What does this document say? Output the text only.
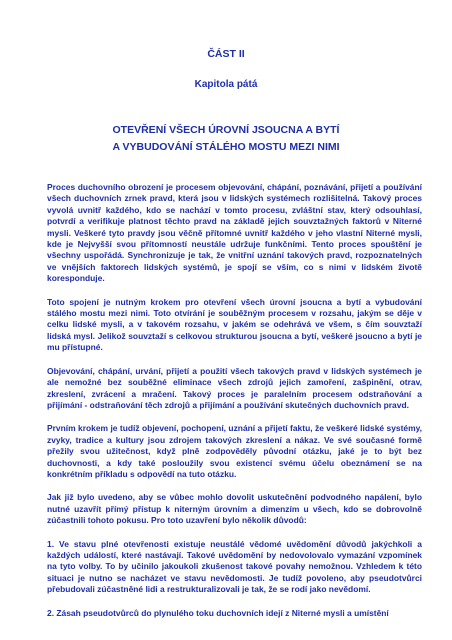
ČÁST II
Kapitola pátá
OTEVŘENÍ VŠECH ÚROVNÍ JSOUCNA A BYTÍ
A VYBUDOVÁNÍ STÁLÉHO MOSTU MEZI NIMI

Proces duchovního obrození je procesem objevování, chápání, poznávání, přijetí a používání všech duchovních zrnek pravd, která jsou v lidských systémech rozlišitelná. Takový proces vyvolá uvnitř každého, kdo se nachází v tomto procesu, zvláštní stav, který odsouhlasí, potvrdí a verifikuje platnost těchto pravd na základě jejich souvztažných faktorů v Niterné mysli. Veškeré tyto pravdy jsou věčně přítomné uvnitř každého v jeho vlastní Niterné mysli, kde je Nejvyšší svou přítomností neustále udržuje funkčními. Tento proces spouštění je všechny uspořádá. Synchronizuje je tak, že vnitřní uznání takových pravd, rozpoznatelných ve vnějších faktorech lidských systémů, je spojí se vším, co s nimi v lidském životě koresponduje.

Toto spojení je nutným krokem pro otevření všech úrovní jsoucna a bytí a vybudování stálého mostu mezi nimi. Toto otvírání je souběžným procesem v rozsahu, jakým se děje v celku lidské mysli, a v takovém rozsahu, v jakém se odehrává ve všem, s čím souvztaží lidská mysl. Jelikož souvztaží s celkovou strukturou jsoucna a bytí, veškeré jsoucno a bytí je mu přístupné.

Objevování, chápání, urvání, přijetí a použití všech takových pravd v lidských systémech je ale nemožné bez souběžné eliminace všech zdrojů jejich zamoření, zašpinění, otrav, zkreslení, zvrácení a mračení. Takový proces je paralelním procesem odstraňování a přijímání - odstraňování těch zdrojů a přijímání a používání skutečných duchovních pravd.

Prvním krokem je tudíž objevení, pochopení, uznání a přijetí faktu, že veškeré lidské systémy, zvyky, tradice a kultury jsou zdrojem takových zkreslení a nákaz. Ve své současné formě přežily svou užitečnost, když plně zodpověděly původní otázku, jaké je to být bez duchovnosti, a kdy také posloužily svou existencí svému účelu obeznámení se na konkrétním příkladu s odpovědí na tuto otázku.

Jak již bylo uvedeno, aby se vůbec mohlo dovolit uskutečnění podvodného napálení, bylo nutné uzavřít přímý přístup k niterným úrovním a dimenzím u všech, kdo se dobrovolně zúčastnili tohoto pokusu. Pro toto uzavření bylo několik důvodů:

1. Ve stavu plné otevřenosti existuje neustálé vědomé uvědomění důvodů jakýchkoli a každých událostí, které nastávají. Takové uvědomění by nedovolovalo vymazání vzpomínek na tyto volby. To by učinilo jakoukoli zkušenost takové povahy nemožnou. Vzhledem k této situaci je nutno se nacházet ve stavu nevědomosti. Je tudíž povoleno, aby pseudotvůrci přebudovali zúčastněné lidi a restrukturalizovali je tak, že se rodí jako nevědomí.

2. Zásah pseudotvůrců do plynulého toku duchovních idejí z Niterné mysli a umístění
